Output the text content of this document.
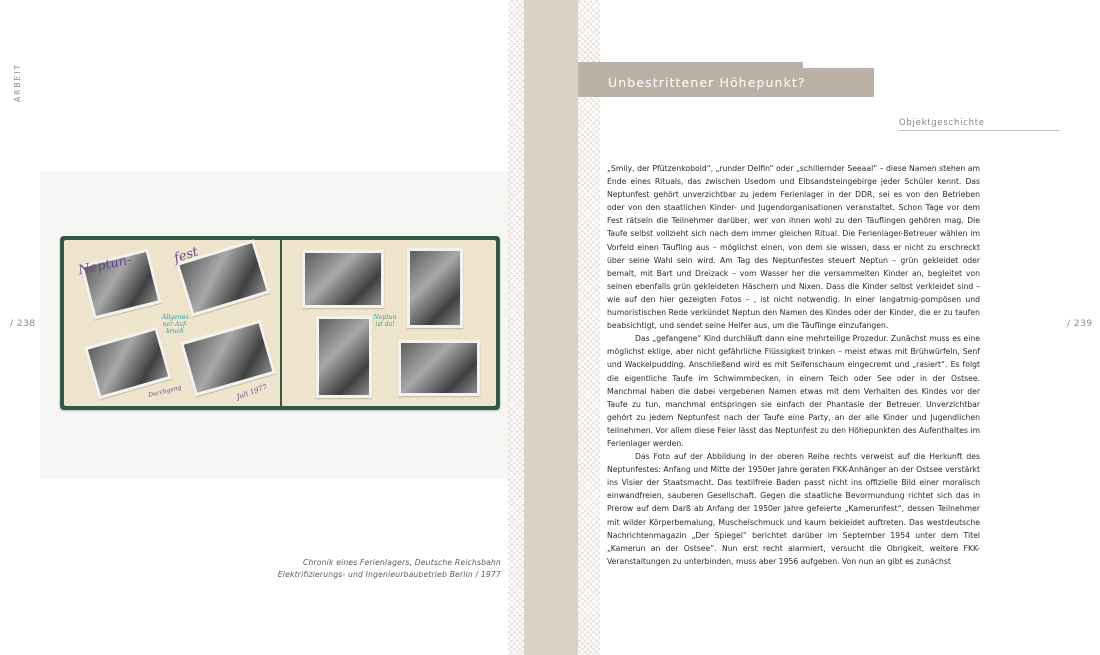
ARBEIT
/ 238	/ 239
Neptun-	fest
Allgemei- ner Auf- bruch
Durchgang	Juli 1977
Neptun ist da!
Chronik eines Ferienlagers, Deutsche Reichsbahn
Elektrifizierungs- und Ingenieurbaubetrieb Berlin / 1977
Unbestrittener Höhepunkt?
Objektgeschichte

„Smily, der Pfützenkobold“, „runder Delfin“ oder „schillernder Seeaal“ – diese Namen stehen am Ende eines Rituals, das zwischen Usedom und Elbsandsteingebirge jeder Schüler kennt. Das Neptunfest gehört unverzichtbar zu jedem Ferienlager in der DDR, sei es von den Betrieben oder von den staatlichen Kinder- und Jugendorganisationen veranstaltet. Schon Tage vor dem Fest rätseln die Teilnehmer darüber, wer von ihnen wohl zu den Täuflingen gehören mag. Die Taufe selbst vollzieht sich nach dem immer gleichen Ritual. Die Ferienlager-Betreuer wählen im Vorfeld einen Täufling aus – möglichst einen, von dem sie wissen, dass er nicht zu erschreckt über seine Wahl sein wird. Am Tag des Neptunfestes steuert Neptun – grün gekleidet oder bemalt, mit Bart und Dreizack – vom Wasser her die versammelten Kinder an, begleitet von seinen ebenfalls grün gekleideten Häschern und Nixen. Dass die Kinder selbst verkleidet sind – wie auf den hier gezeigten Fotos – , ist nicht notwendig. In einer langatmig-pompösen und humoristischen Rede verkündet Neptun den Namen des Kindes oder der Kinder, die er zu taufen beabsichtigt, und sendet seine Helfer aus, um die Täuflinge einzufangen.

Das „gefangene“ Kind durchläuft dann eine mehrteilige Prozedur. Zunächst muss es eine möglichst eklige, aber nicht gefährliche Flüssigkeit trinken – meist etwas mit Brühwürfeln, Senf und Wackelpudding. Anschließend wird es mit Seifenschaum eingecremt und „rasiert“. Es folgt die eigentliche Taufe im Schwimmbecken, in einem Teich oder See oder in der Ostsee. Manchmal haben die dabei vergebenen Namen etwas mit dem Verhalten des Kindes vor der Taufe zu tun, manchmal entspringen sie einfach der Phantasie der Betreuer. Unverzichtbar gehört zu jedem Neptunfest nach der Taufe eine Party, an der alle Kinder und Jugendlichen teilnehmen. Vor allem diese Feier lässt das Neptunfest zu den Höhepunkten des Aufenthaltes im Ferienlager werden.

Das Foto auf der Abbildung in der oberen Reihe rechts verweist auf die Herkunft des Neptunfestes: Anfang und Mitte der 1950er Jahre geraten FKK-Anhänger an der Ostsee verstärkt ins Visier der Staatsmacht. Das textilfreie Baden passt nicht ins offizielle Bild einer moralisch einwandfreien, sauberen Gesellschaft. Gegen die staatliche Bevormundung richtet sich das in Prerow auf dem Darß ab Anfang der 1950er Jahre gefeierte „Kamerunfest“, dessen Teilnehmer mit wilder Körperbemalung, Muschelschmuck und kaum bekleidet auftreten. Das westdeutsche Nachrichtenmagazin „Der Spiegel“ berichtet darüber im September 1954 unter dem Titel „Kamerun an der Ostsee“. Nun erst recht alarmiert, versucht die Obrigkeit, weitere FKK-Veranstaltungen zu unterbinden, muss aber 1956 aufgeben. Von nun an gibt es zunächst
